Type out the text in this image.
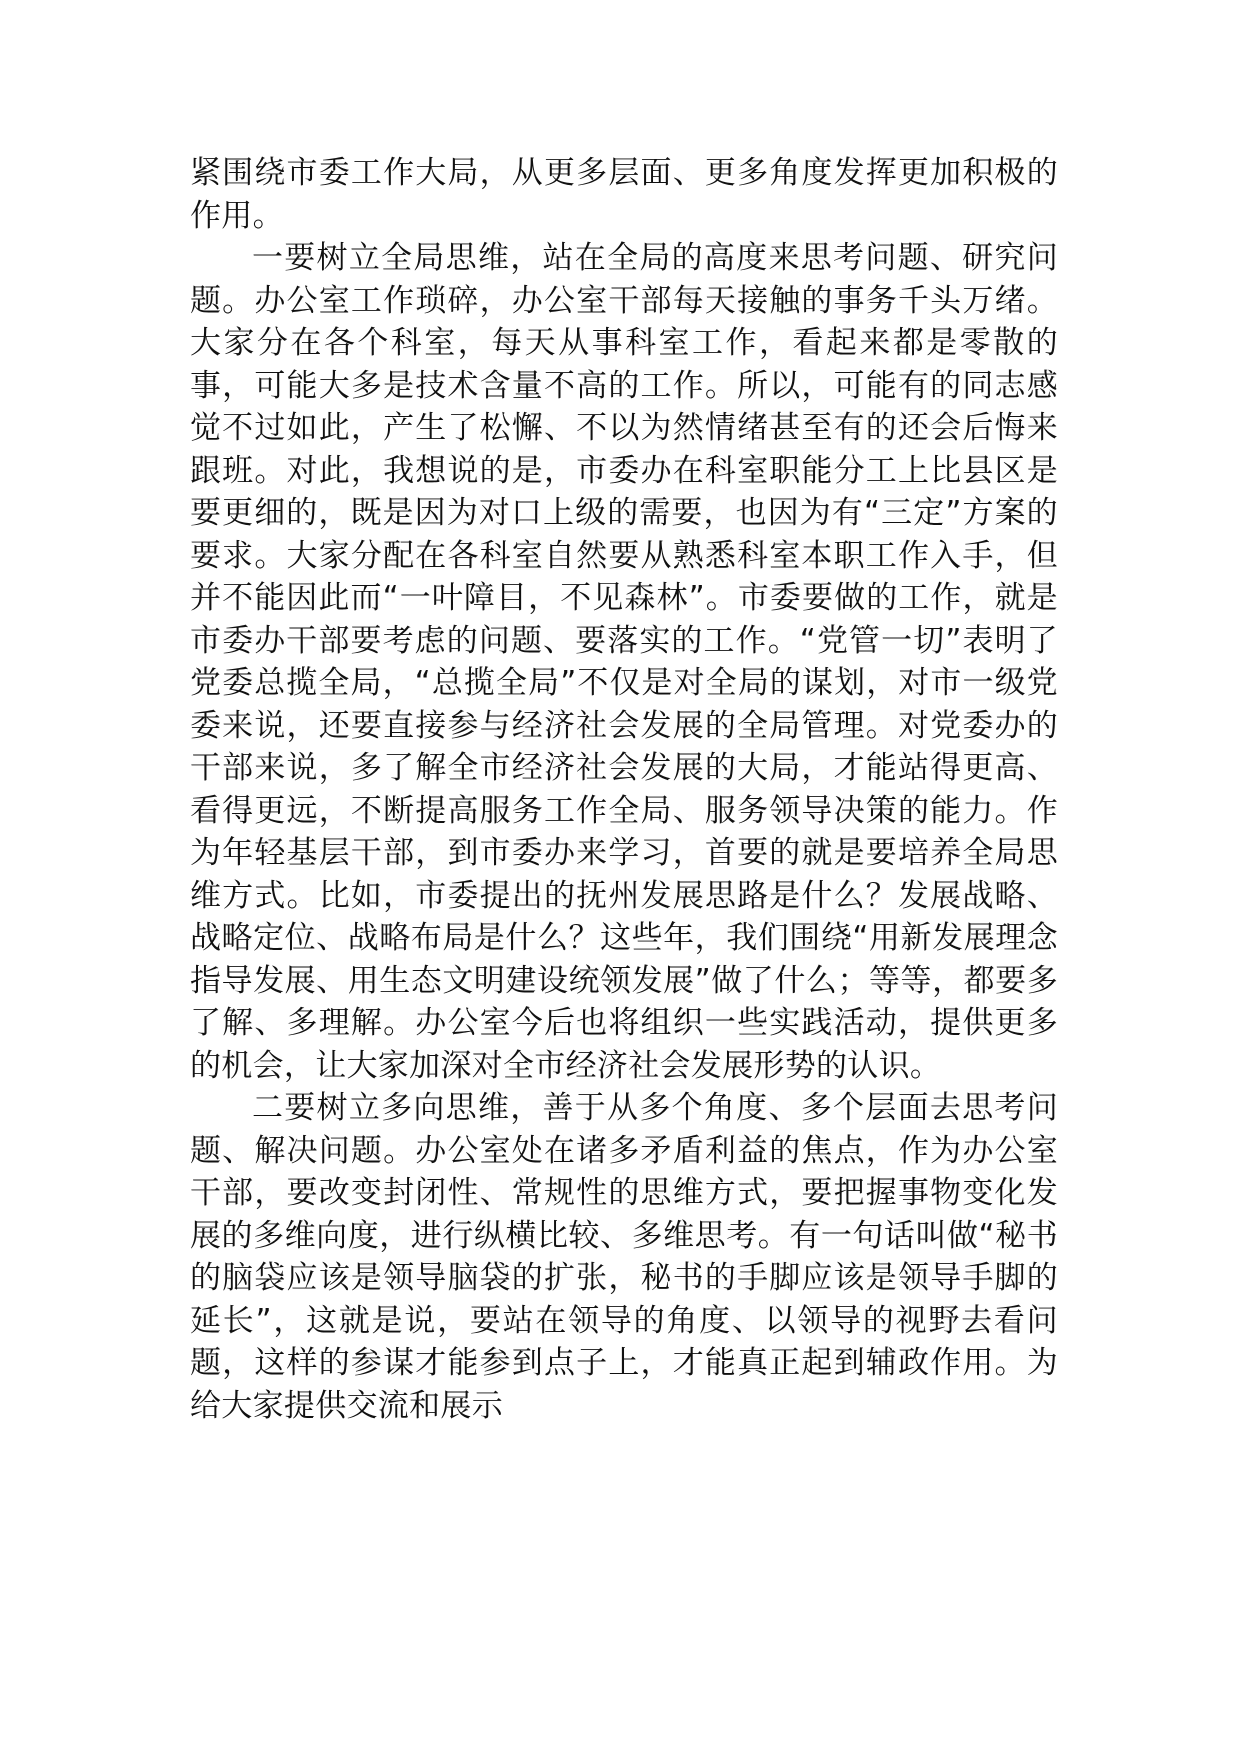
紧围绕市委工作大局，从更多层面、更多角度发挥更加积极的作用。

一要树立全局思维，站在全局的高度来思考问题、研究问题。办公室工作琐碎，办公室干部每天接触的事务千头万绪。大家分在各个科室，每天从事科室工作，看起来都是零散的事，可能大多是技术含量不高的工作。所以，可能有的同志感觉不过如此，产生了松懈、不以为然情绪甚至有的还会后悔来跟班。对此，我想说的是，市委办在科室职能分工上比县区是要更细的，既是因为对口上级的需要，也因为有“三定”方案的要求。大家分配在各科室自然要从熟悉科室本职工作入手，但并不能因此而“一叶障目，不见森林”。市委要做的工作，就是市委办干部要考虑的问题、要落实的工作。“党管一切”表明了党委总揽全局，“总揽全局”不仅是对全局的谋划，对市一级党委来说，还要直接参与经济社会发展的全局管理。对党委办的干部来说，多了解全市经济社会发展的大局，才能站得更高、看得更远，不断提高服务工作全局、服务领导决策的能力。作为年轻基层干部，到市委办来学习，首要的就是要培养全局思维方式。比如，市委提出的抚州发展思路是什么？发展战略、战略定位、战略布局是什么？这些年，我们围绕“用新发展理念指导发展、用生态文明建设统领发展”做了什么；等等，都要多了解、多理解。办公室今后也将组织一些实践活动，提供更多的机会，让大家加深对全市经济社会发展形势的认识。

二要树立多向思维，善于从多个角度、多个层面去思考问题、解决问题。办公室处在诸多矛盾利益的焦点，作为办公室干部，要改变封闭性、常规性的思维方式，要把握事物变化发展的多维向度，进行纵横比较、多维思考。有一句话叫做“秘书的脑袋应该是领导脑袋的扩张，秘书的手脚应该是领导手脚的延长”，这就是说，要站在领导的角度、以领导的视野去看问题，这样的参谋才能参到点子上，才能真正起到辅政作用。为给大家提供交流和展示
